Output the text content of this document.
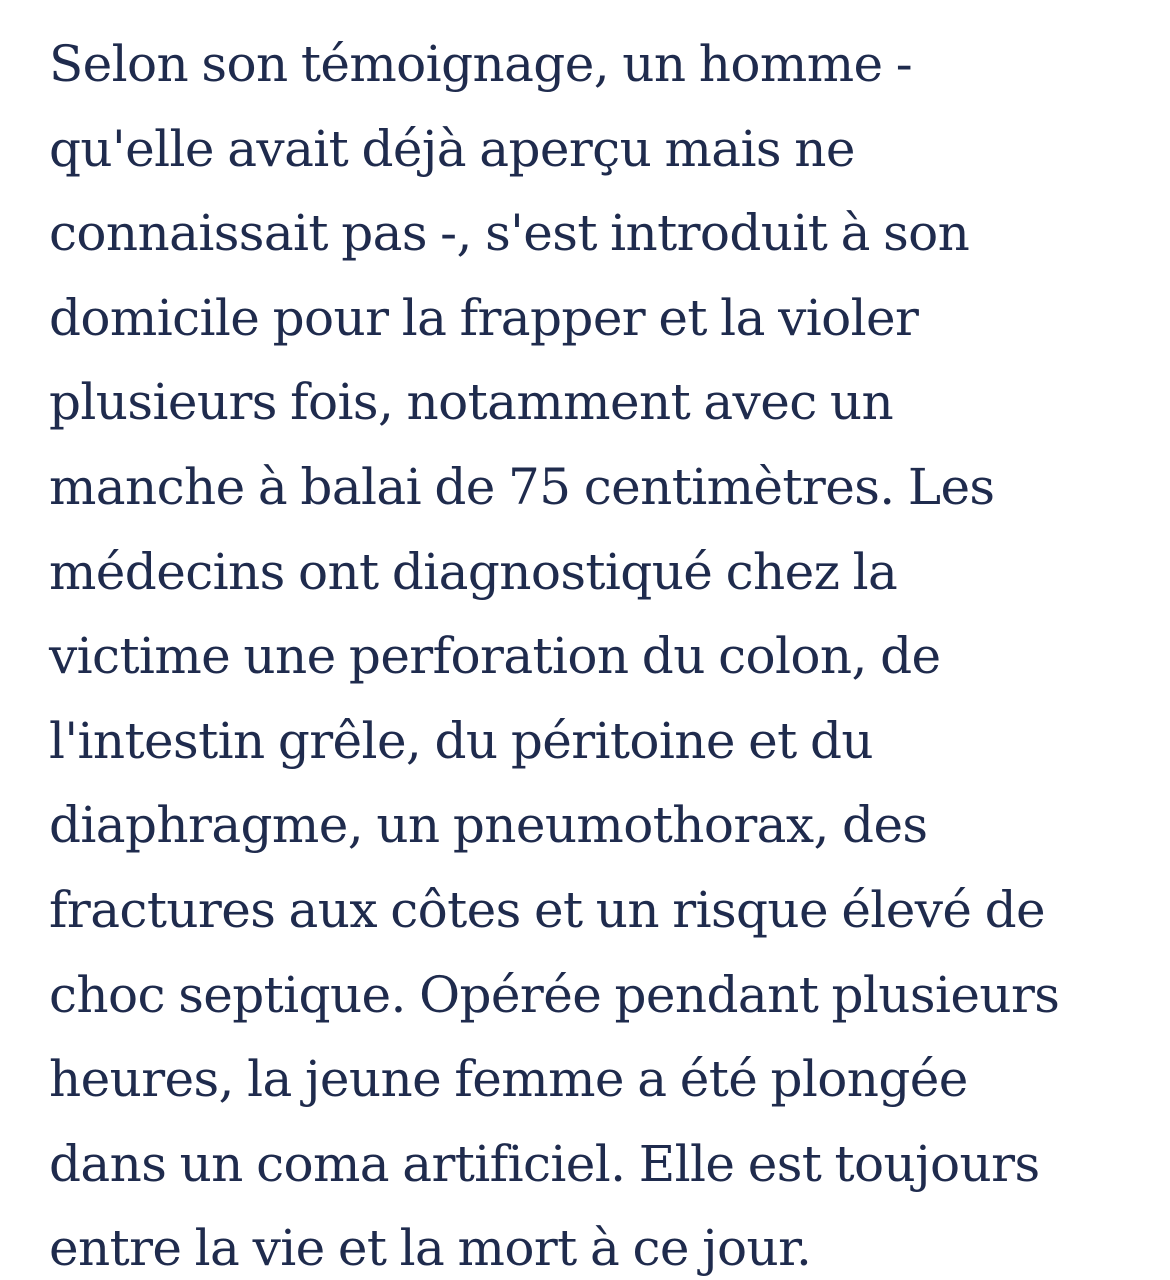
Selon son témoignage, un homme -
qu'elle avait déjà aperçu mais ne
connaissait pas -, s'est introduit à son
domicile pour la frapper et la violer
plusieurs fois, notamment avec un
manche à balai de 75 centimètres. Les
médecins ont diagnostiqué chez la
victime une perforation du colon, de
l'intestin grêle, du péritoine et du
diaphragme, un pneumothorax, des
fractures aux côtes et un risque élevé de
choc septique. Opérée pendant plusieurs
heures, la jeune femme a été plongée
dans un coma artificiel. Elle est toujours
entre la vie et la mort à ce jour.
